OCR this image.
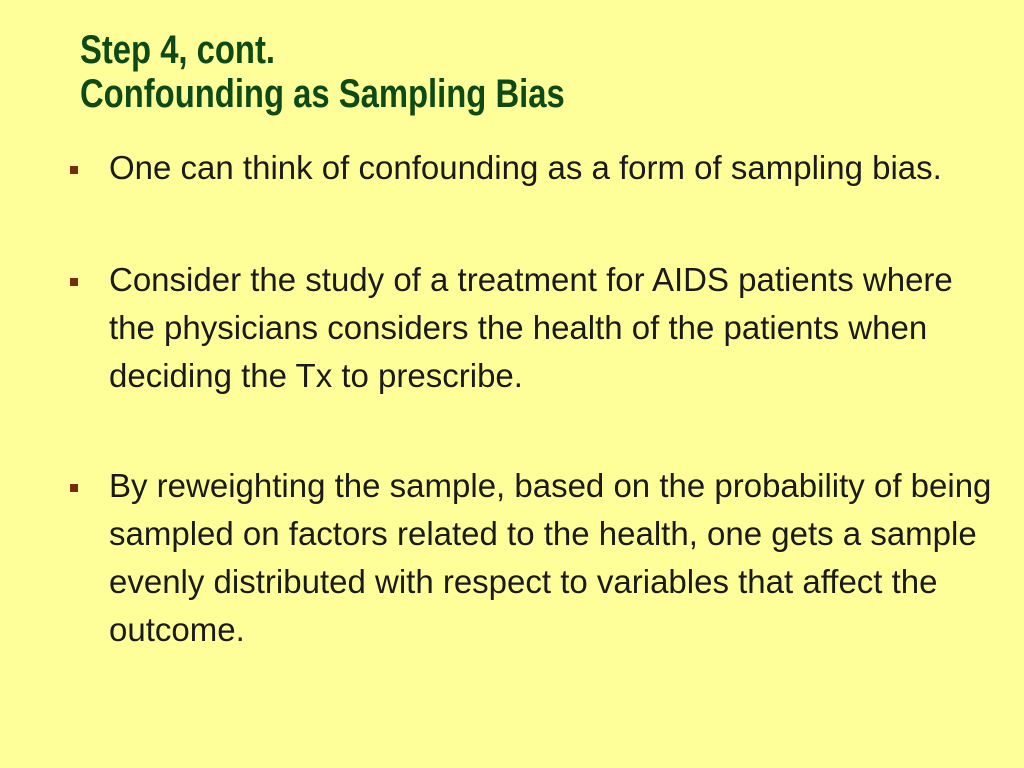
Step 4, cont.
Confounding as Sampling Bias
One can think of confounding as a form of sampling bias.
Consider the study of a treatment for AIDS patients where the physicians considers the health of the patients when deciding the Tx to prescribe.
By reweighting the sample, based on the probability of being sampled on factors related to the health, one gets a sample evenly distributed with respect to variables that affect the outcome.
